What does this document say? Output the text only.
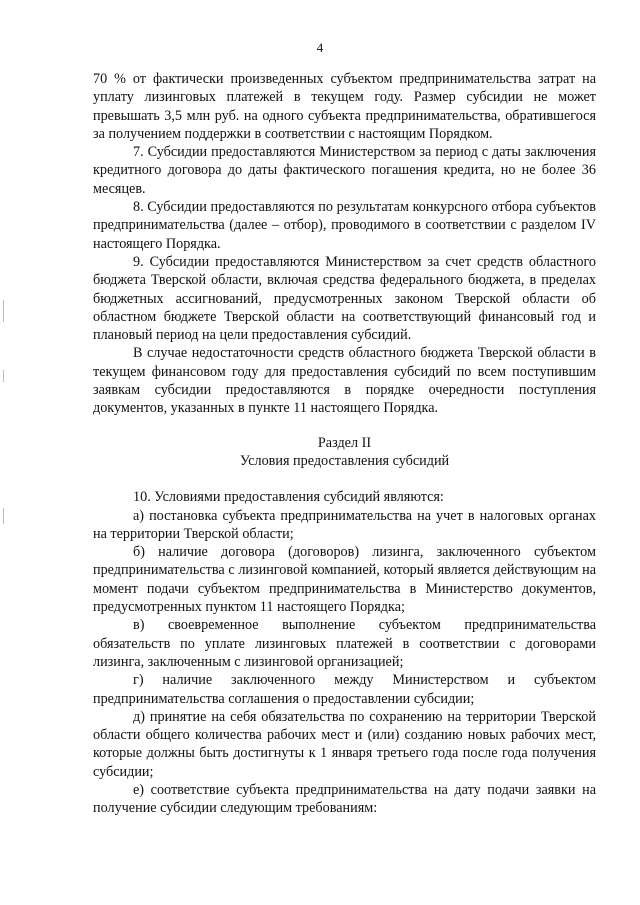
4

70 % от фактически произведенных субъектом предпринимательства затрат на уплату лизинговых платежей в текущем году. Размер субсидии не может превышать 3,5 млн руб. на одного субъекта предпринимательства, обратившегося за получением поддержки в соответствии с настоящим Порядком.

7. Субсидии предоставляются Министерством за период с даты заключения кредитного договора до даты фактического погашения кредита, но не более 36 месяцев.

8. Субсидии предоставляются по результатам конкурсного отбора субъектов предпринимательства (далее – отбор), проводимого в соответствии с разделом IV настоящего Порядка.

9. Субсидии предоставляются Министерством за счет средств областного бюджета Тверской области, включая средства федерального бюджета, в пределах бюджетных ассигнований, предусмотренных законом Тверской области об областном бюджете Тверской области на соответствующий финансовый год и плановый период на цели предоставления субсидий.

В случае недостаточности средств областного бюджета Тверской области в текущем финансовом году для предоставления субсидий по всем поступившим заявкам субсидии предоставляются в порядке очередности поступления документов, указанных в пункте 11 настоящего Порядка.

Раздел II
Условия предоставления субсидий

10. Условиями предоставления субсидий являются:

а) постановка субъекта предпринимательства на учет в налоговых органах на территории Тверской области;

б) наличие договора (договоров) лизинга, заключенного субъектом предпринимательства с лизинговой компанией, который является действующим на момент подачи субъектом предпринимательства в Министерство документов, предусмотренных пунктом 11 настоящего Порядка;

в) своевременное выполнение субъектом предпринимательства обязательств по уплате лизинговых платежей в соответствии с договорами лизинга, заключенным с лизинговой организацией;

г) наличие заключенного между Министерством и субъектом предпринимательства соглашения о предоставлении субсидии;

д) принятие на себя обязательства по сохранению на территории Тверской области общего количества рабочих мест и (или) созданию новых рабочих мест, которые должны быть достигнуты к 1 января третьего года после года получения субсидии;

е) соответствие субъекта предпринимательства на дату подачи заявки на получение субсидии следующим требованиям:
